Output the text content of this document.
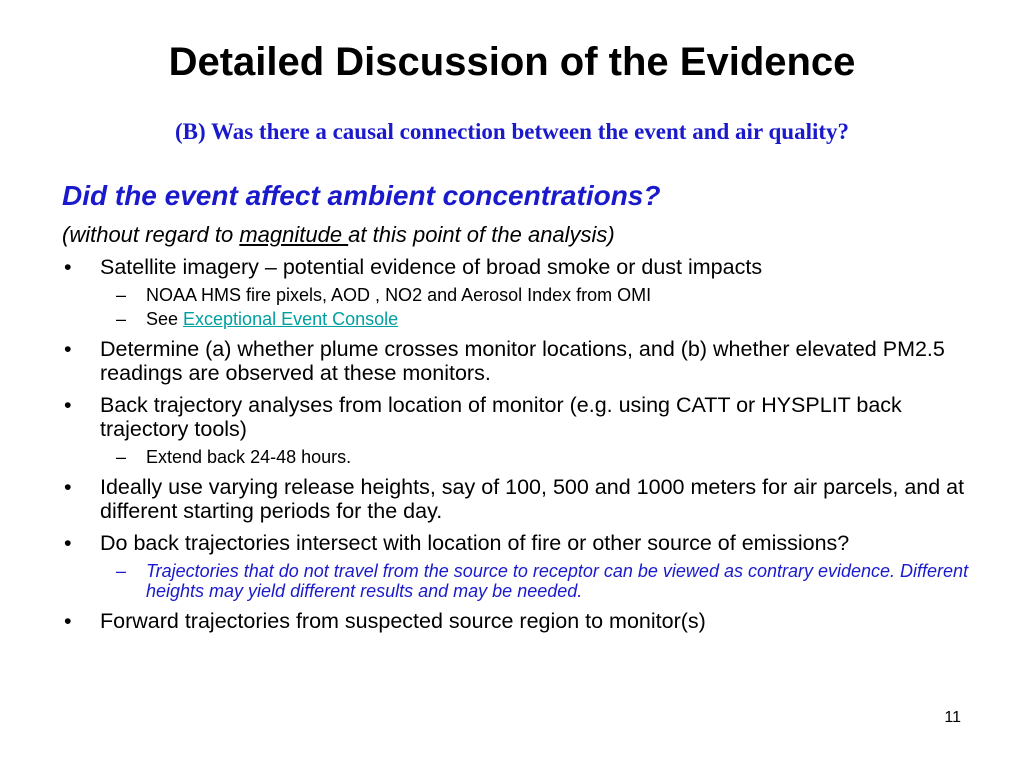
Detailed Discussion of the Evidence
(B) Was there a causal connection between the event and air quality?
Did the event affect ambient concentrations?
(without regard to magnitude at this point of the analysis)
• Satellite imagery – potential evidence of broad smoke or dust impacts
– NOAA HMS fire pixels, AOD , NO2 and Aerosol Index from OMI
– See Exceptional Event Console
• Determine (a) whether plume crosses monitor locations, and (b) whether elevated PM2.5 readings are observed at these monitors.
• Back trajectory analyses from location of monitor (e.g. using CATT or HYSPLIT back trajectory tools)
– Extend back 24-48 hours.
• Ideally use varying release heights, say of 100, 500 and 1000 meters for air parcels, and at different starting periods for the day.
• Do back trajectories intersect with location of fire or other source of emissions?
– Trajectories that do not travel from the source to receptor can be viewed as contrary evidence. Different heights may yield different results and may be needed.
• Forward trajectories from suspected source region to monitor(s)
11
